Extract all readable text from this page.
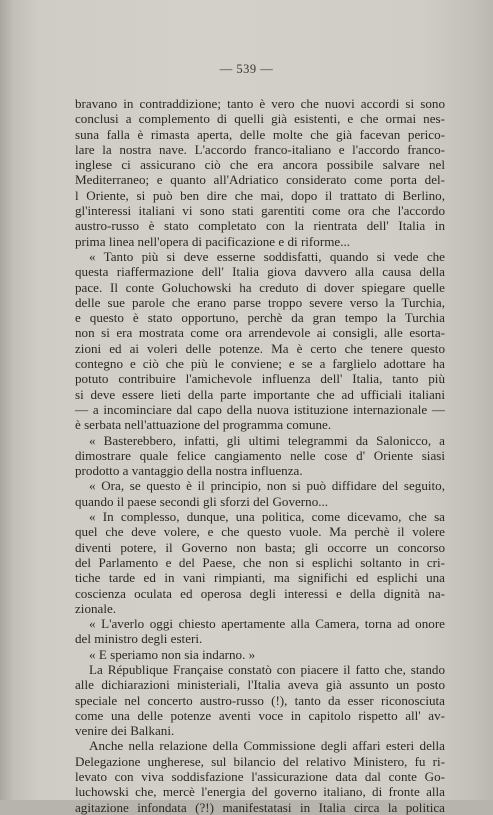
— 539 —
bravano in contraddizione; tanto è vero che nuovi accordi si sono
conclusi a complemento di quelli già esistenti, e che ormai nes-
suna falla è rimasta aperta, delle molte che già facevan perico-
lare la nostra nave. L'accordo franco-italiano e l'accordo franco-
inglese ci assicurano ciò che era ancora possibile salvare nel
Mediterraneo; e quanto all'Adriatico considerato come porta del-
l Oriente, si può ben dire che mai, dopo il trattato di Berlino,
gl'interessi italiani vi sono stati garentiti come ora che l'accordo
austro-russo è stato completato con la rientrata dell' Italia in
prima linea nell'opera di pacificazione e di riforme...
« Tanto più si deve esserne soddisfatti, quando si vede che
questa riaffermazione dell' Italia giova davvero alla causa della
pace. Il conte Goluchowski ha creduto di dover spiegare quelle
delle sue parole che erano parse troppo severe verso la Turchia,
e questo è stato opportuno, perchè da gran tempo la Turchia
non si era mostrata come ora arrendevole ai consigli, alle esorta-
zioni ed ai voleri delle potenze. Ma è certo che tenere questo
contegno e ciò che più le conviene; e se a farglielo adottare ha
potuto contribuire l'amichevole influenza dell' Italia, tanto più
si deve essere lieti della parte importante che ad ufficiali italiani
— a incominciare dal capo della nuova istituzione internazionale —
è serbata nell'attuazione del programma comune.
« Basterebbero, infatti, gli ultimi telegrammi da Salonicco, a
dimostrare quale felice cangiamento nelle cose d' Oriente siasi
prodotto a vantaggio della nostra influenza.
« Ora, se questo è il principio, non si può diffidare del seguito,
quando il paese secondi gli sforzi del Governo...
« In complesso, dunque, una politica, come dicevamo, che sa
quel che deve volere, e che questo vuole. Ma perchè il volere
diventi potere, il Governo non basta; gli occorre un concorso
del Parlamento e del Paese, che non si esplichi soltanto in cri-
tiche tarde ed in vani rimpianti, ma significhi ed esplichi una
coscienza oculata ed operosa degli interessi e della dignità na-
zionale.
« L'averlo oggi chiesto apertamente alla Camera, torna ad onore
del ministro degli esteri.
« E speriamo non sia indarno. »
La République Française constatò con piacere il fatto che, stando
alle dichiarazioni ministeriali, l'Italia aveva già assunto un posto
speciale nel concerto austro-russo (!), tanto da esser riconosciuta
come una delle potenze aventi voce in capitolo rispetto all' av-
venire dei Balkani.
Anche nella relazione della Commissione degli affari esteri della
Delegazione ungherese, sul bilancio del relativo Ministero, fu ri-
levato con viva soddisfazione l'assicurazione data dal conte Go-
luchowski che, mercè l'energia del governo italiano, di fronte alla
agitazione infondata (?!) manifestatasi in Italia circa la politica
